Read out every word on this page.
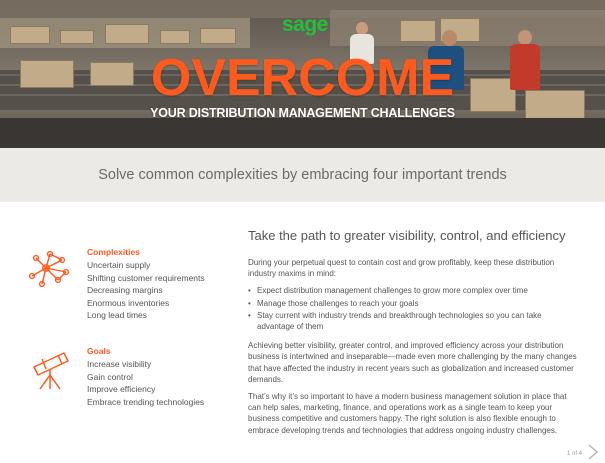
sage
OVERCOME
YOUR DISTRIBUTION MANAGEMENT CHALLENGES
Solve common complexities by embracing four important trends
Complexities
Uncertain supply
Shifting customer requirements
Decreasing margins
Enormous inventories
Long lead times
Goals
Increase visibility
Gain control
Improve efficiency
Embrace trending technologies
Take the path to greater visibility, control, and efficiency

During your perpetual quest to contain cost and grow profitably, keep these distribution industry maxims in mind:

• Expect distribution management challenges to grow more complex over time
• Manage those challenges to reach your goals
• Stay current with industry trends and breakthrough technologies so you can take advantage of them

Achieving better visibility, greater control, and improved efficiency across your distribution business is intertwined and inseparable—made even more challenging by the many changes that have affected the industry in recent years such as globalization and increased customer demands.

That’s why it’s so important to have a modern business management solution in place that can help sales, marketing, finance, and operations work as a single team to keep your business competitive and customers happy. The right solution is also flexible enough to embrace developing trends and technologies that address ongoing industry challenges.

1 of 4
